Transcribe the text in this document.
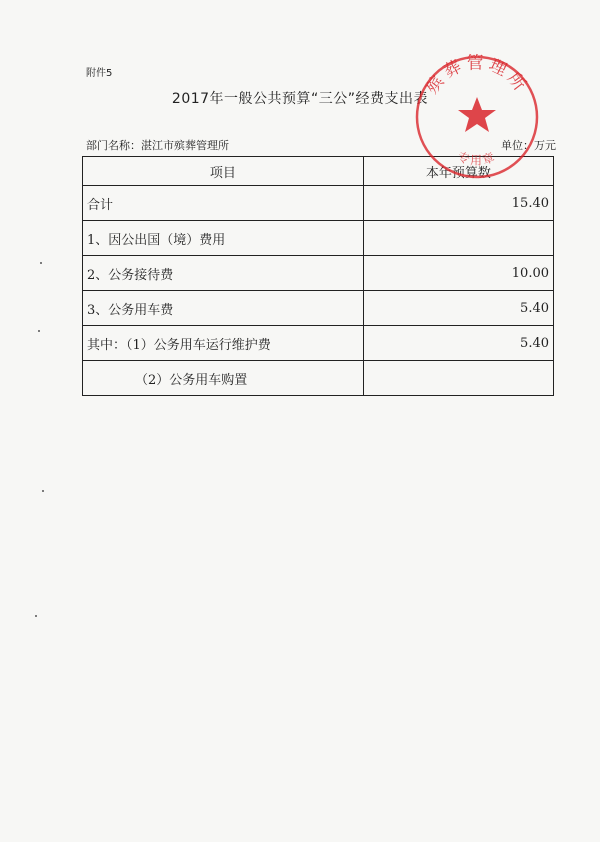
附件5
2017年一般公共预算“三公”经费支出表
部门名称：湛江市殡葬管理所	单位：万元
项目	本年预算数
合计	15.40
1、因公出国（境）费用	
2、公务接待费	10.00
3、公务用车费	5.40
其中：（1）公务用车运行维护费	5.40
（2）公务用车购置	
殡葬管理所
专用章
